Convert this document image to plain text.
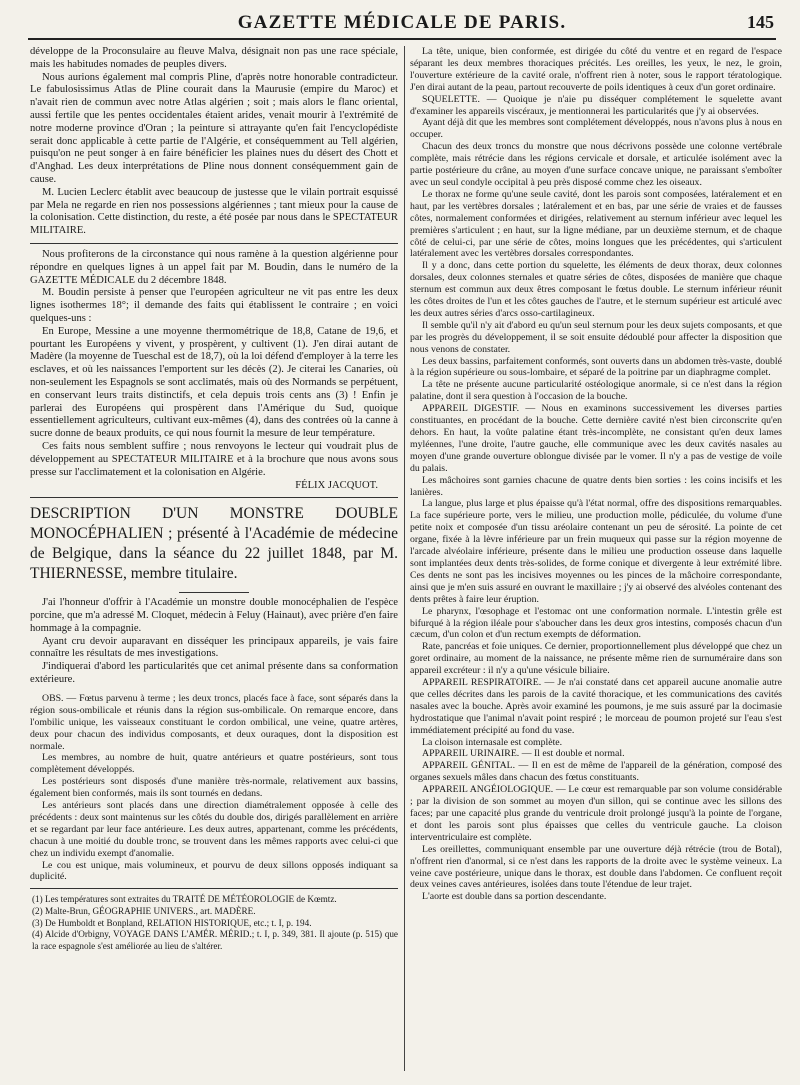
GAZETTE MÉDICALE DE PARIS.	145

développe de la Proconsulaire au fleuve Malva, désignait non pas une race spéciale, mais les habitudes nomades de peuples divers.

Nous aurions également mal compris Pline, d'après notre honorable contradicteur. Le fabulosissimus Atlas de Pline courait dans la Maurusie (empire du Maroc) et n'avait rien de commun avec notre Atlas algérien ; soit ; mais alors le flanc oriental, aussi fertile que les pentes occidentales étaient arides, venait mourir à l'extrémité de notre moderne province d'Oran ; la peinture si attrayante qu'en fait l'encyclopédiste serait donc applicable à cette partie de l'Algérie, et conséquemment au Tell algérien, puisqu'on ne peut songer à en faire bénéficier les plaines nues du désert des Chott et d'Anghad. Les deux interprétations de Pline nous donnent conséquemment gain de cause.

M. Lucien Leclerc établit avec beaucoup de justesse que le vilain portrait esquissé par Mela ne regarde en rien nos possessions algériennes ; tant mieux pour la cause de la colonisation. Cette distinction, du reste, a été posée par nous dans le SPECTATEUR MILITAIRE.

Nous profiterons de la circonstance qui nous ramène à la question algérienne pour répondre en quelques lignes à un appel fait par M. Boudin, dans le numéro de la GAZETTE MÉDICALE du 2 décembre 1848.

M. Boudin persiste à penser que l'européen agriculteur ne vit pas entre les deux lignes isothermes 18°; il demande des faits qui établissent le contraire ; en voici quelques-uns :

En Europe, Messine a une moyenne thermométrique de 18,8, Catane de 19,6, et pourtant les Européens y vivent, y prospèrent, y cultivent (1). J'en dirai autant de Madère (la moyenne de Tueschal est de 18,7), où la loi défend d'employer à la terre les esclaves, et où les naissances l'emportent sur les décès (2). Je citerai les Canaries, où non-seulement les Espagnols se sont acclimatés, mais où des Normands se perpétuent, en conservant leurs traits distinctifs, et cela depuis trois cents ans (3) ! Enfin je parlerai des Européens qui prospèrent dans l'Amérique du Sud, quoique essentiellement agriculteurs, cultivant eux-mêmes (4), dans des contrées où la canne à sucre donne de beaux produits, ce qui nous fournit la mesure de leur température.

Ces faits nous semblent suffire ; nous renvoyons le lecteur qui voudrait plus de développement au SPECTATEUR MILITAIRE et à la brochure que nous avons sous presse sur l'acclimatement et la colonisation en Algérie.

FÉLIX JACQUOT.

DESCRIPTION D'UN MONSTRE DOUBLE MONOCÉPHALIEN ; présenté à l'Académie de médecine de Belgique, dans la séance du 22 juillet 1848, par M. THIERNESSE, membre titulaire.

J'ai l'honneur d'offrir à l'Académie un monstre double monocéphalien de l'espèce porcine, que m'a adressé M. Cloquet, médecin à Feluy (Hainaut), avec prière d'en faire hommage à la compagnie.

Ayant cru devoir auparavant en disséquer les principaux appareils, je vais faire connaître les résultats de mes investigations.

J'indiquerai d'abord les particularités que cet animal présente dans sa conformation extérieure.

OBS. — Fœtus parvenu à terme ; les deux troncs, placés face à face, sont séparés dans la région sous-ombilicale et réunis dans la région sus-ombilicale. On remarque encore, dans l'ombilic unique, les vaisseaux constituant le cordon ombilical, une veine, quatre artères, deux pour chacun des individus composants, et deux ouraques, dont la disposition est normale.

Les membres, au nombre de huit, quatre antérieurs et quatre postérieurs, sont tous complètement développés.

Les postérieurs sont disposés d'une manière très-normale, relativement aux bassins, également bien conformés, mais ils sont tournés en dedans.

Les antérieurs sont placés dans une direction diamétralement opposée à celle des précédents : deux sont maintenus sur les côtés du double dos, dirigés parallèlement en arrière et se regardant par leur face antérieure. Les deux autres, appartenant, comme les précédents, chacun à une moitié du double tronc, se trouvent dans les mêmes rapports avec celui-ci que chez un individu exempt d'anomalie.

Le cou est unique, mais volumineux, et pourvu de deux sillons opposés indiquant sa duplicité.

(1) Les températures sont extraites du TRAITÉ DE MÉTÉOROLOGIE de Kœmtz.

(2) Malte-Brun, GÉOGRAPHIE UNIVERS., art. MADÈRE.

(3) De Humboldt et Bonpland, RELATION HISTORIQUE, etc.; t. I, p. 194.

(4) Alcide d'Orbigny, VOYAGE DANS L'AMÉR. MÉRID.; t. I, p. 349, 381. Il ajoute (p. 515) que la race espagnole s'est améliorée au lieu de s'altérer.

La tête, unique, bien conformée, est dirigée du côté du ventre et en regard de l'espace séparant les deux membres thoraciques précités. Les oreilles, les yeux, le nez, le groin, l'ouverture extérieure de la cavité orale, n'offrent rien à noter, sous le rapport tératologique. J'en dirai autant de la peau, partout recouverte de poils identiques à ceux d'un goret ordinaire.

SQUELETTE. — Quoique je n'aie pu disséquer complétement le squelette avant d'examiner les appareils viscéraux, je mentionnerai les particularités que j'y ai observées.

Ayant déjà dit que les membres sont complétement développés, nous n'avons plus à nous en occuper.

Chacun des deux troncs du monstre que nous décrivons possède une colonne vertébrale complète, mais rétrécie dans les régions cervicale et dorsale, et articulée isolément avec la partie postérieure du crâne, au moyen d'une surface concave unique, ne paraissant s'emboîter avec un seul condyle occipital à peu près disposé comme chez les oiseaux.

Le thorax ne forme qu'une seule cavité, dont les parois sont composées, latéralement et en haut, par les vertèbres dorsales ; latéralement et en bas, par une série de vraies et de fausses côtes, normalement conformées et dirigées, relativement au sternum inférieur avec lequel les premières s'articulent ; en haut, sur la ligne médiane, par un deuxième sternum, et de chaque côté de celui-ci, par une série de côtes, moins longues que les précédentes, qui s'articulent latéralement avec les vertèbres dorsales correspondantes.

Il y a donc, dans cette portion du squelette, les éléments de deux thorax, deux colonnes dorsales, deux colonnes sternales et quatre séries de côtes, disposées de manière que chaque sternum est commun aux deux êtres composant le fœtus double. Le sternum inférieur réunit les côtes droites de l'un et les côtes gauches de l'autre, et le sternum supérieur est articulé avec les deux autres séries d'arcs osso-cartilagineux.

Il semble qu'il n'y ait d'abord eu qu'un seul sternum pour les deux sujets composants, et que par les progrès du développement, il se soit ensuite dédoublé pour affecter la disposition que nous venons de constater.

Les deux bassins, parfaitement conformés, sont ouverts dans un abdomen très-vaste, doublé à la région supérieure ou sous-lombaire, et séparé de la poitrine par un diaphragme complet.

La tête ne présente aucune particularité ostéologique anormale, si ce n'est dans la région palatine, dont il sera question à l'occasion de la bouche.

APPAREIL DIGESTIF. — Nous en examinons successivement les diverses parties constituantes, en procédant de la bouche. Cette dernière cavité n'est bien circonscrite qu'en dehors. En haut, la voûte palatine étant très-incomplète, ne consistant qu'en deux lames myléennes, l'une droite, l'autre gauche, elle communique avec les deux cavités nasales au moyen d'une grande ouverture oblongue divisée par le vomer. Il n'y a pas de vestige de voile du palais.

Les mâchoires sont garnies chacune de quatre dents bien sorties : les coins incisifs et les lanières.

La langue, plus large et plus épaisse qu'à l'état normal, offre des dispositions remarquables. La face supérieure porte, vers le milieu, une production molle, pédiculée, du volume d'une petite noix et composée d'un tissu aréolaire contenant un peu de sérosité. La pointe de cet organe, fixée à la lèvre inférieure par un frein muqueux qui passe sur la région moyenne de l'arcade alvéolaire inférieure, présente dans le milieu une production osseuse dans laquelle sont implantées deux dents très-solides, de forme conique et divergente à leur extrémité libre. Ces dents ne sont pas les incisives moyennes ou les pinces de la mâchoire correspondante, ainsi que je m'en suis assuré en ouvrant le maxillaire ; j'y ai observé des alvéoles contenant des dents prêtes à faire leur éruption.

Le pharynx, l'œsophage et l'estomac ont une conformation normale. L'intestin grêle est bifurqué à la région iléale pour s'aboucher dans les deux gros intestins, composés chacun d'un cæcum, d'un colon et d'un rectum exempts de déformation.

Rate, pancréas et foie uniques. Ce dernier, proportionnellement plus développé que chez un goret ordinaire, au moment de la naissance, ne présente même rien de surnuméraire dans son appareil excréteur : il n'y a qu'une vésicule biliaire.

APPAREIL RESPIRATOIRE. — Je n'ai constaté dans cet appareil aucune anomalie autre que celles décrites dans les parois de la cavité thoracique, et les communications des cavités nasales avec la bouche. Après avoir examiné les poumons, je me suis assuré par la docimasie hydrostatique que l'animal n'avait point respiré ; le morceau de poumon projeté sur l'eau s'est immédiatement précipité au fond du vase.

La cloison internasale est complète.

APPAREIL URINAIRE. — Il est double et normal.

APPAREIL GÉNITAL. — Il en est de même de l'appareil de la génération, composé des organes sexuels mâles dans chacun des fœtus constituants.

APPAREIL ANGÉIOLOGIQUE. — Le cœur est remarquable par son volume considérable ; par la division de son sommet au moyen d'un sillon, qui se continue avec les sillons des faces; par une capacité plus grande du ventricule droit prolongé jusqu'à la pointe de l'organe, et dont les parois sont plus épaisses que celles du ventricule gauche. La cloison interventriculaire est complète.

Les oreillettes, communiquant ensemble par une ouverture déjà rétrécie (trou de Botal), n'offrent rien d'anormal, si ce n'est dans les rapports de la droite avec le système veineux. La veine cave postérieure, unique dans le thorax, est double dans l'abdomen. Ce confluent reçoit deux veines caves antérieures, isolées dans toute l'étendue de leur trajet.

L'aorte est double dans sa portion descendante.
